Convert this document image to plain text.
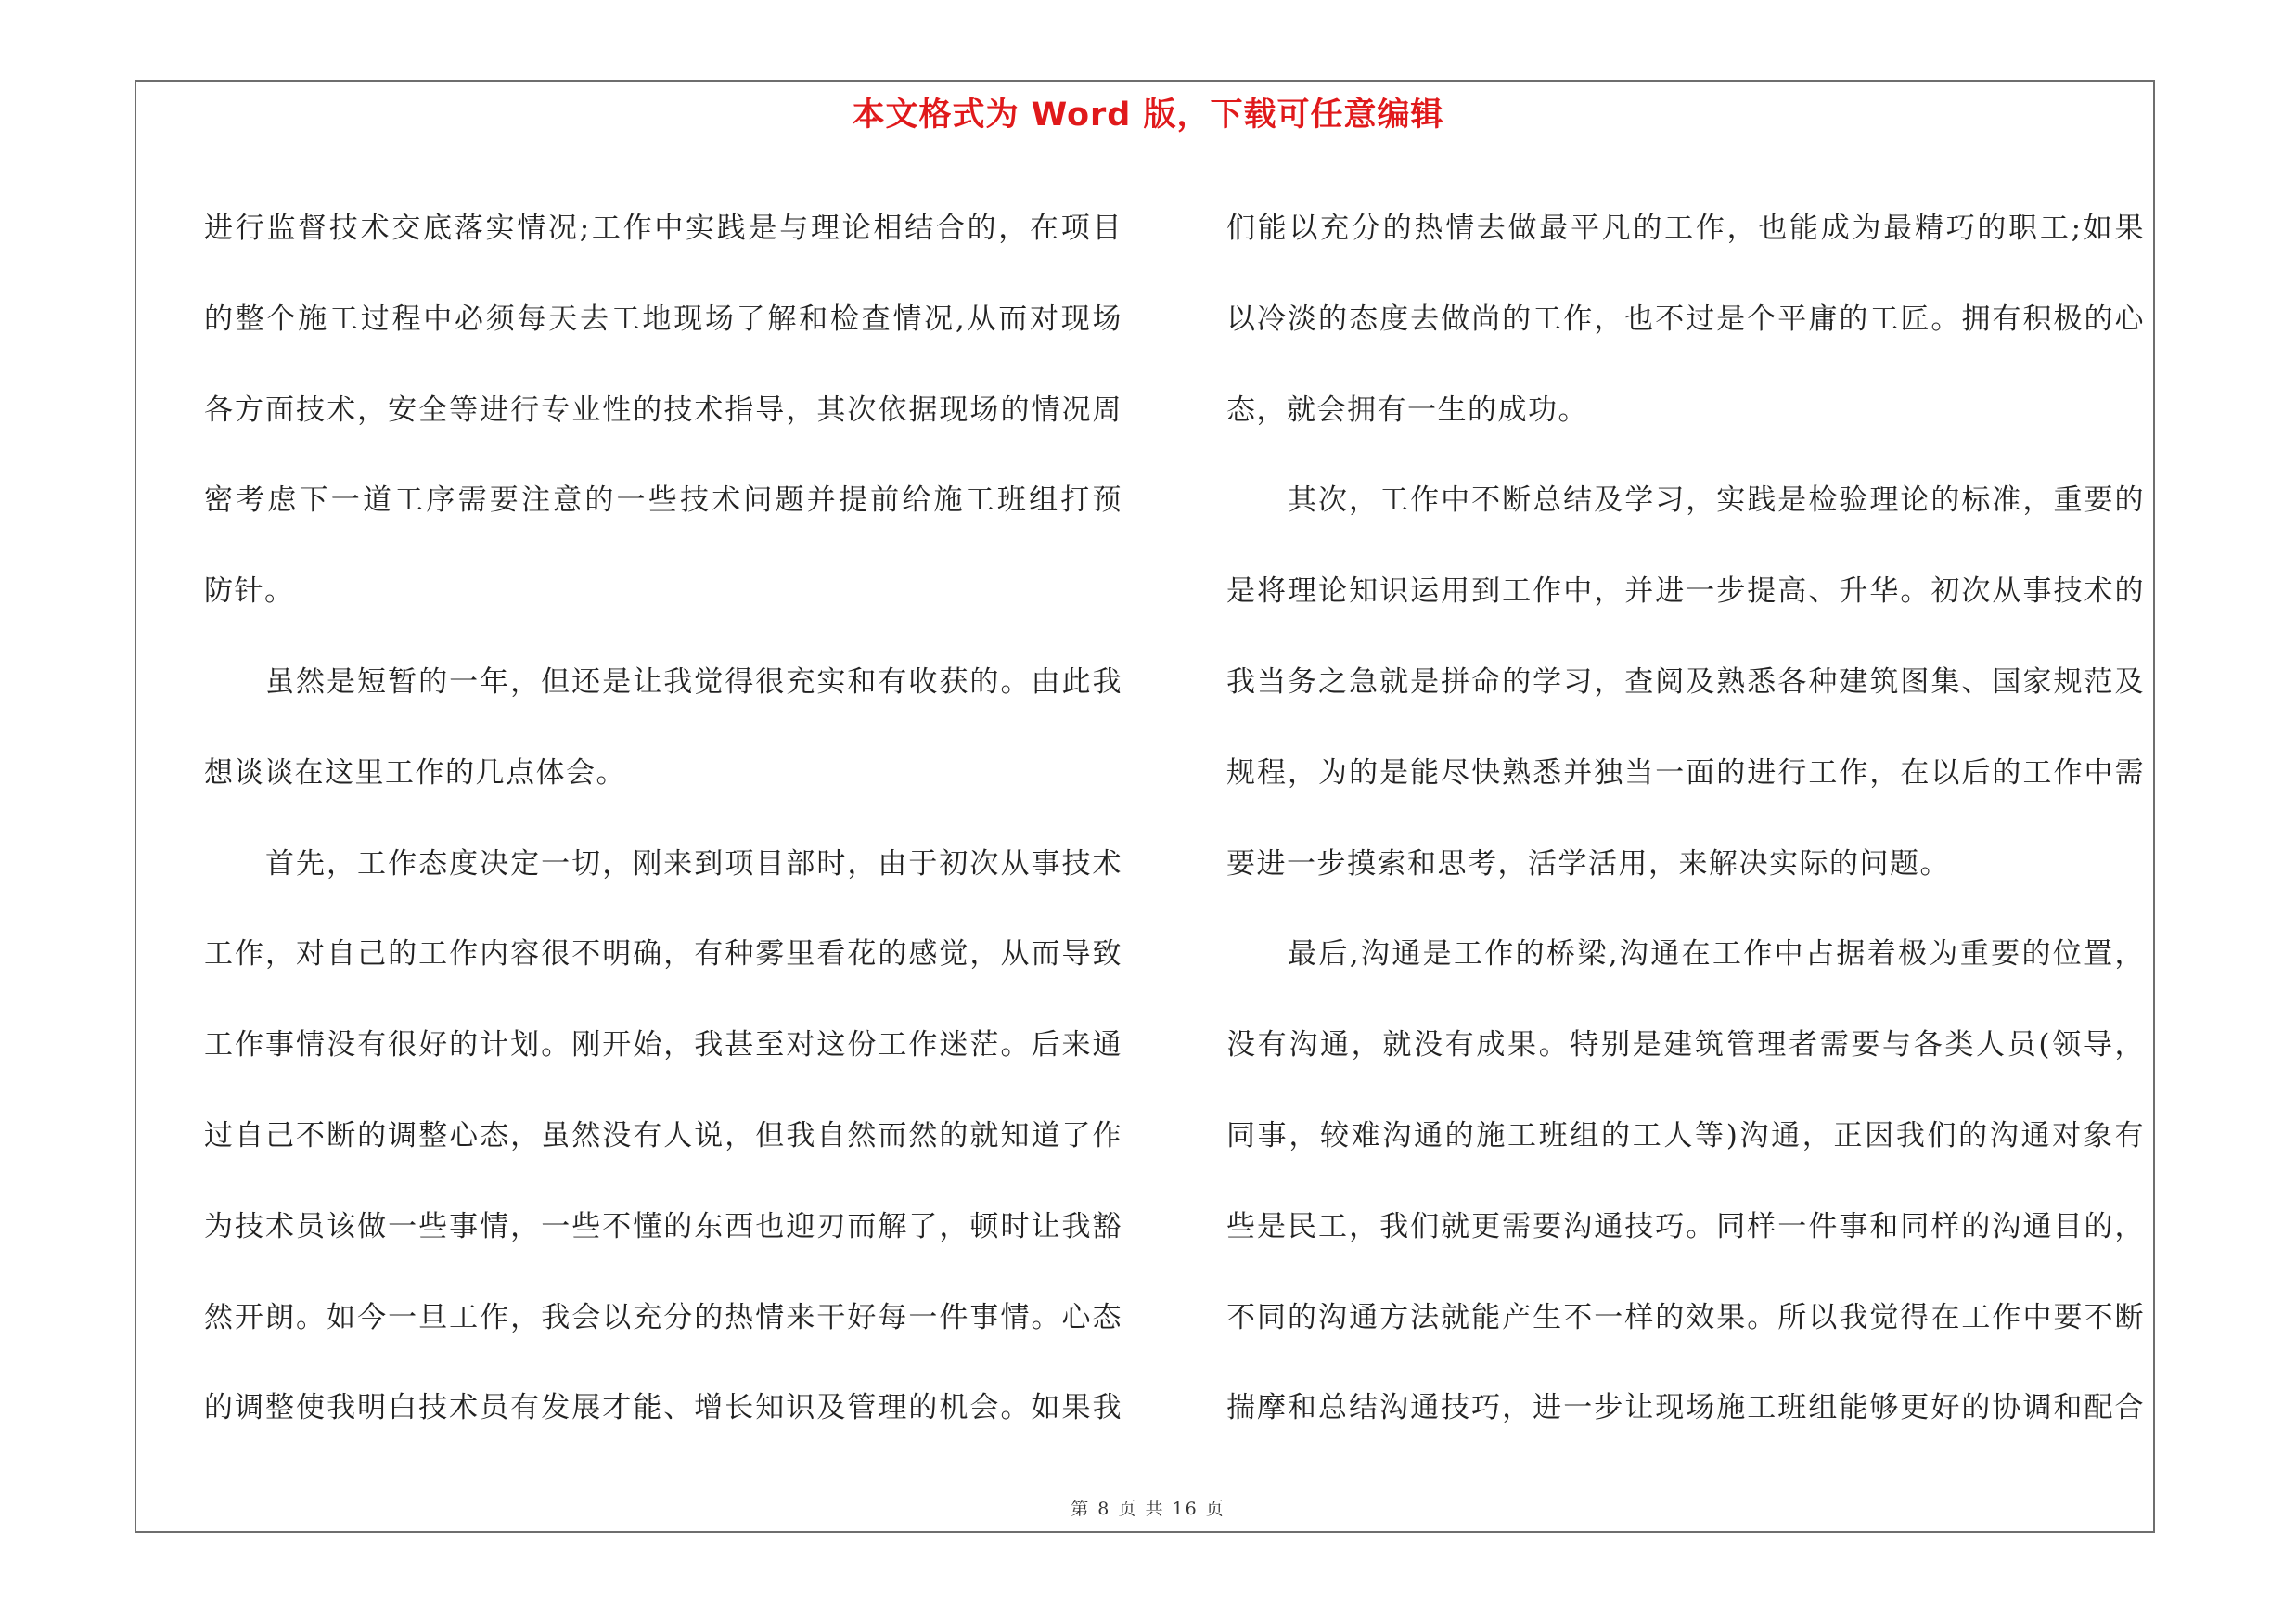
本文格式为 Word 版，下载可任意编辑
进行监督技术交底落实情况;工作中实践是与理论相结合的，在项目
的整个施工过程中必须每天去工地现场了解和检查情况,从而对现场
各方面技术，安全等进行专业性的技术指导，其次依据现场的情况周
密考虑下一道工序需要注意的一些技术问题并提前给施工班组打预
防针。
虽然是短暂的一年，但还是让我觉得很充实和有收获的。由此我
想谈谈在这里工作的几点体会。
首先，工作态度决定一切，刚来到项目部时，由于初次从事技术
工作，对自己的工作内容很不明确，有种雾里看花的感觉，从而导致
工作事情没有很好的计划。刚开始，我甚至对这份工作迷茫。后来通
过自己不断的调整心态，虽然没有人说，但我自然而然的就知道了作
为技术员该做一些事情，一些不懂的东西也迎刃而解了，顿时让我豁
然开朗。如今一旦工作，我会以充分的热情来干好每一件事情。心态
的调整使我明白技术员有发展才能、增长知识及管理的机会。如果我
们能以充分的热情去做最平凡的工作，也能成为最精巧的职工;如果
以冷淡的态度去做尚的工作，也不过是个平庸的工匠。拥有积极的心
态，就会拥有一生的成功。
其次，工作中不断总结及学习，实践是检验理论的标准，重要的
是将理论知识运用到工作中，并进一步提高、升华。初次从事技术的
我当务之急就是拼命的学习，查阅及熟悉各种建筑图集、国家规范及
规程，为的是能尽快熟悉并独当一面的进行工作，在以后的工作中需
要进一步摸索和思考，活学活用，来解决实际的问题。
最后,沟通是工作的桥梁,沟通在工作中占据着极为重要的位置，
没有沟通，就没有成果。特别是建筑管理者需要与各类人员(领导，
同事，较难沟通的施工班组的工人等)沟通，正因我们的沟通对象有
些是民工，我们就更需要沟通技巧。同样一件事和同样的沟通目的，
不同的沟通方法就能产生不一样的效果。所以我觉得在工作中要不断
揣摩和总结沟通技巧，进一步让现场施工班组能够更好的协调和配合
第 8 页 共 16 页
